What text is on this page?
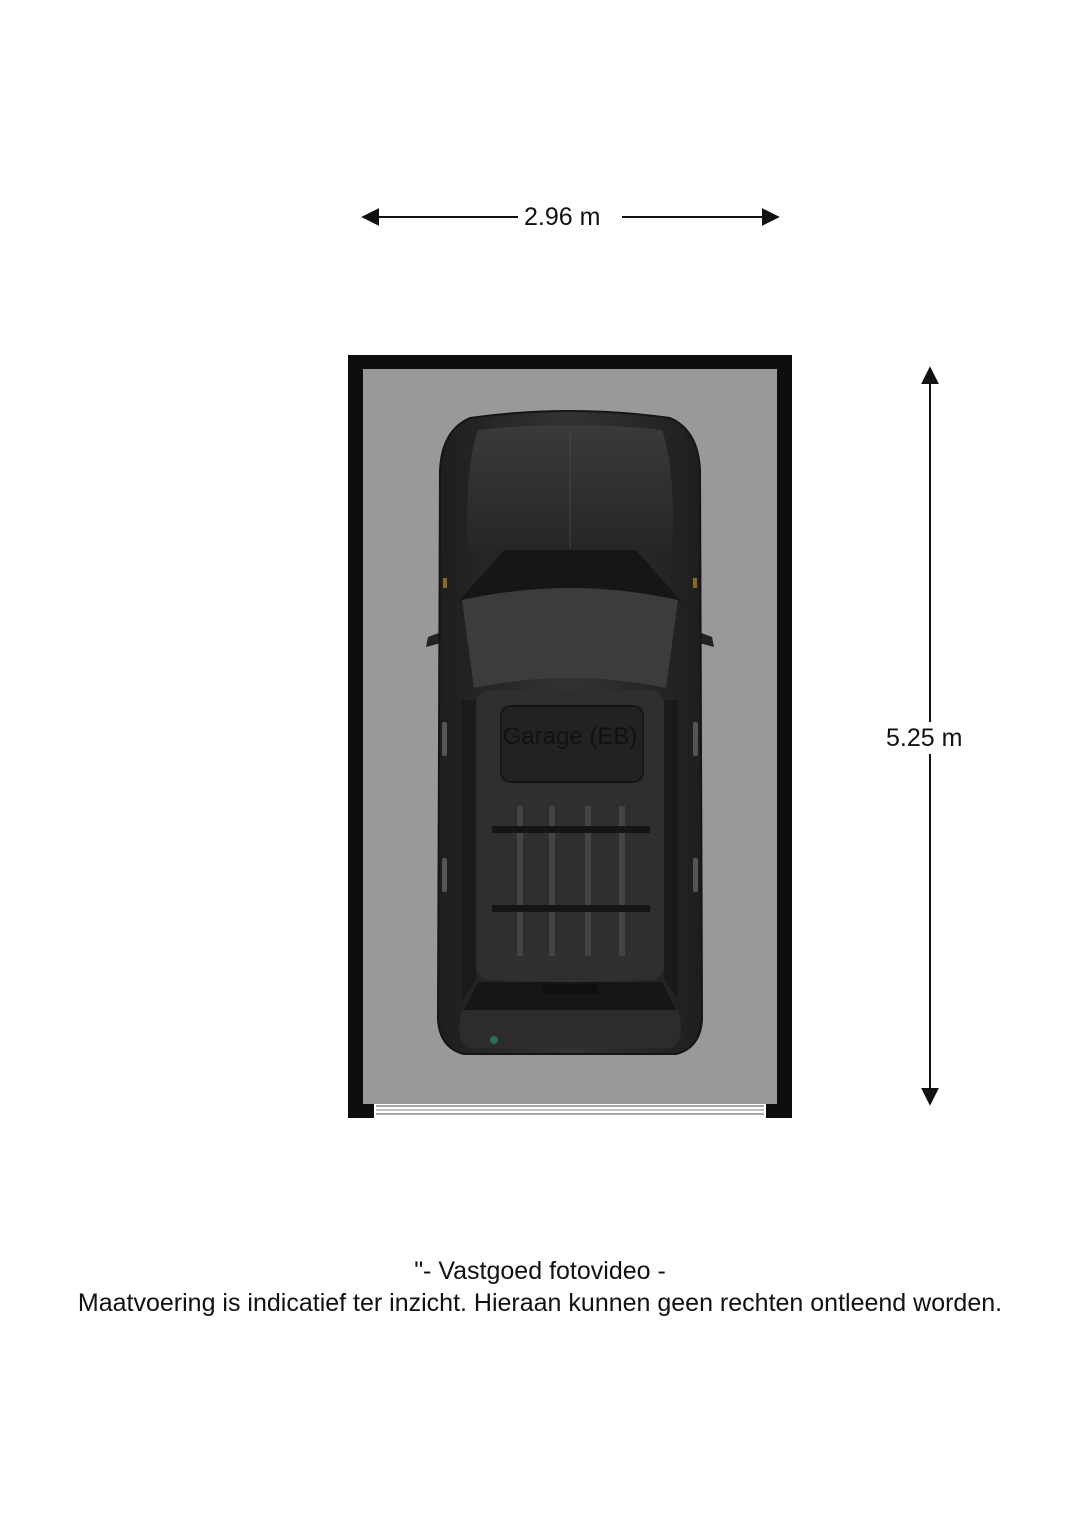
2.96 m
5.25 m
Garage (EB)
"- Vastgoed fotovideo -
Maatvoering is indicatief ter inzicht. Hieraan kunnen geen rechten ontleend worden.
